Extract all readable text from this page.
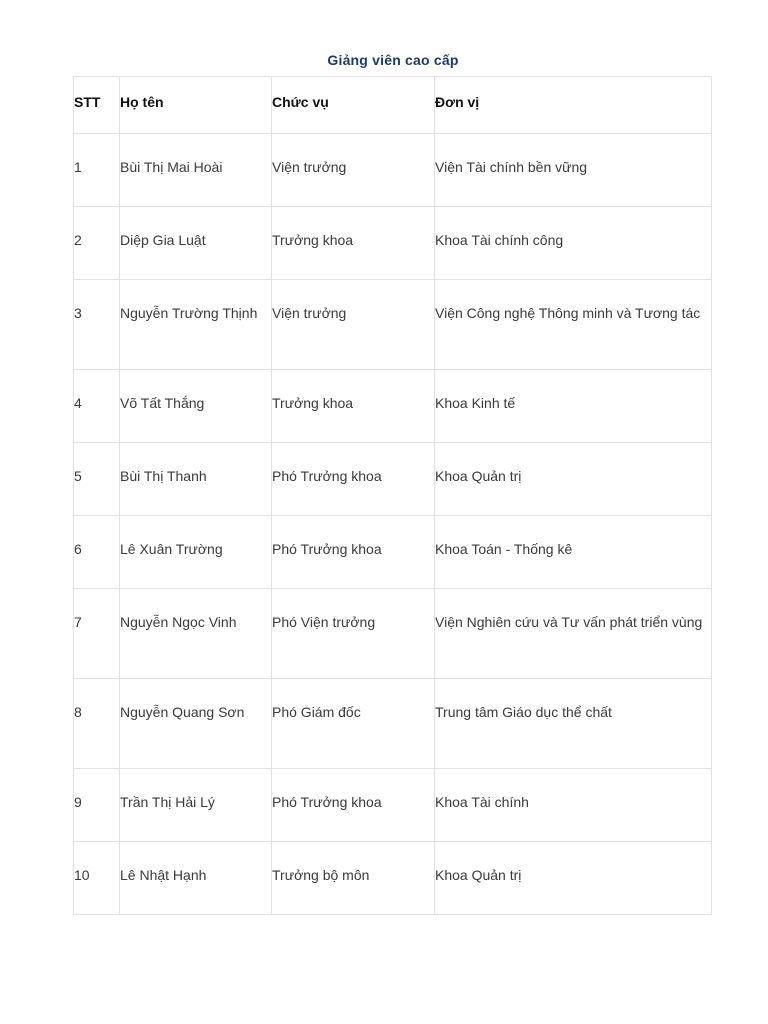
Giảng viên cao cấp
STT	Họ tên	Chức vụ	Đơn vị
1	Bùi Thị Mai Hoài	Viện trưởng	Viện Tài chính bền vững
2	Diệp Gia Luật	Trưởng khoa	Khoa Tài chính công
3	Nguyễn Trường Thịnh	Viện trưởng	Viện Công nghệ Thông minh và Tương tác
4	Võ Tất Thắng	Trưởng khoa	Khoa Kinh tế
5	Bùi Thị Thanh	Phó Trưởng khoa	Khoa Quản trị
6	Lê Xuân Trường	Phó Trưởng khoa	Khoa Toán - Thống kê
7	Nguyễn Ngọc Vinh	Phó Viện trưởng	Viện Nghiên cứu và Tư vấn phát triển vùng
8	Nguyễn Quang Sơn	Phó Giám đốc	Trung tâm Giáo dục thể chất
9	Trần Thị Hải Lý	Phó Trưởng khoa	Khoa Tài chính
10	Lê Nhật Hạnh	Trưởng bộ môn	Khoa Quản trị
